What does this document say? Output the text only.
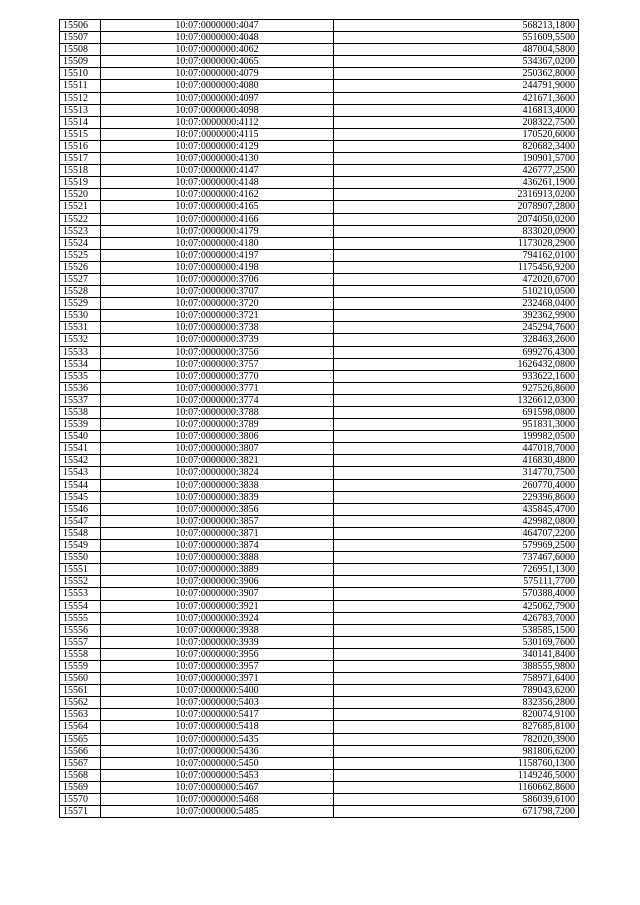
15506	10:07:0000000:4047	568213,1800
15507	10:07:0000000:4048	551609,5500
15508	10:07:0000000:4062	487004,5800
15509	10:07:0000000:4065	534367,0200
15510	10:07:0000000:4079	250362,8000
15511	10:07:0000000:4080	244791,9000
15512	10:07:0000000:4097	421671,3600
15513	10:07:0000000:4098	416813,4000
15514	10:07:0000000:4112	208322,7500
15515	10:07:0000000:4115	170520,6000
15516	10:07:0000000:4129	820682,3400
15517	10:07:0000000:4130	190901,5700
15518	10:07:0000000:4147	426777,2500
15519	10:07:0000000:4148	436261,1900
15520	10:07:0000000:4162	2316913,0200
15521	10:07:0000000:4165	2078907,2800
15522	10:07:0000000:4166	2074050,0200
15523	10:07:0000000:4179	833020,0900
15524	10:07:0000000:4180	1173028,2900
15525	10:07:0000000:4197	794162,0100
15526	10:07:0000000:4198	1175456,9200
15527	10:07:0000000:3706	472020,6700
15528	10:07:0000000:3707	510210,0500
15529	10:07:0000000:3720	232468,0400
15530	10:07:0000000:3721	392362,9900
15531	10:07:0000000:3738	245294,7600
15532	10:07:0000000:3739	328463,2600
15533	10:07:0000000:3756	699276,4300
15534	10:07:0000000:3757	1626432,0800
15535	10:07:0000000:3770	933622,1600
15536	10:07:0000000:3771	927526,8600
15537	10:07:0000000:3774	1326612,0300
15538	10:07:0000000:3788	691598,0800
15539	10:07:0000000:3789	951831,3000
15540	10:07:0000000:3806	199982,0500
15541	10:07:0000000:3807	447018,7000
15542	10:07:0000000:3821	416830,4800
15543	10:07:0000000:3824	314770,7500
15544	10:07:0000000:3838	260770,4000
15545	10:07:0000000:3839	229396,8600
15546	10:07:0000000:3856	435845,4700
15547	10:07:0000000:3857	429982,0800
15548	10:07:0000000:3871	464707,2200
15549	10:07:0000000:3874	579969,2500
15550	10:07:0000000:3888	737467,6000
15551	10:07:0000000:3889	726951,1300
15552	10:07:0000000:3906	575111,7700
15553	10:07:0000000:3907	570388,4000
15554	10:07:0000000:3921	425062,7900
15555	10:07:0000000:3924	426783,7000
15556	10:07:0000000:3938	538585,1500
15557	10:07:0000000:3939	530169,7600
15558	10:07:0000000:3956	340141,8400
15559	10:07:0000000:3957	388555,9800
15560	10:07:0000000:3971	758971,6400
15561	10:07:0000000:5400	789043,6200
15562	10:07:0000000:5403	832356,2800
15563	10:07:0000000:5417	820074,9100
15564	10:07:0000000:5418	827685,8100
15565	10:07:0000000:5435	782020,3900
15566	10:07:0000000:5436	981806,6200
15567	10:07:0000000:5450	1158760,1300
15568	10:07:0000000:5453	1149246,5000
15569	10:07:0000000:5467	1160662,8600
15570	10:07:0000000:5468	586039,6100
15571	10:07:0000000:5485	671798,7200
